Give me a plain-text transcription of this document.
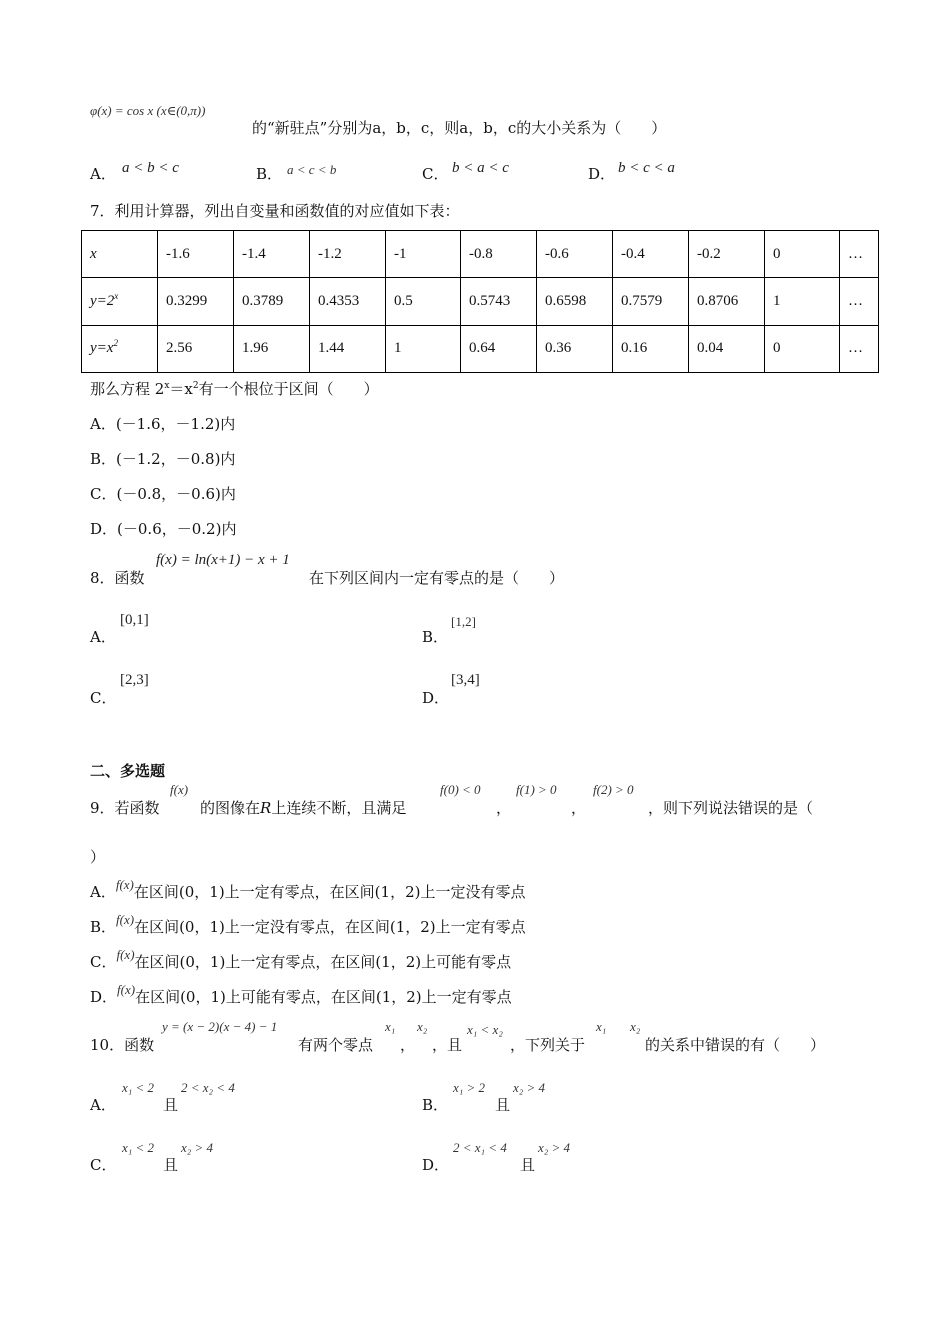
φ(x) = cos x (x∈(0,π))
的“新驻点”分别为a，b，c，则a，b，c的大小关系为（　　）
A． a < b < c	B． a < c < b	C． b < a < c	D． b < c < a
7．利用计算器，列出自变量和函数值的对应值如下表：
x	-1.6	-1.4	-1.2	-1	-0.8	-0.6	-0.4	-0.2	0	…
$y=2^x$	0.3299	0.3789	0.4353	0.5	0.5743	0.6598	0.7579	0.8706	1	…
$y=x^2$	2.56	1.96	1.44	1	0.64	0.36	0.16	0.04	0	…
那么方程 $2^x=x^2$有一个根位于区间（　　）
A．(－1.6，－1.2)内
B．(－1.2，－0.8)内
C．(－0.8，－0.6)内
D．(－0.6，－0.2)内
8．函数
f(x) = ln(x+1) − x + 1
在下列区间内一定有零点的是（　　）
A．
[0,1]
B．
[1,2]
C．
[2,3]
D．
[3,4]
二、多选题
9．若函数
f(x)
的图像在R上连续不断，且满足
f(0) < 0
，
f(1) > 0
，
f(2) > 0
，则下列说法错误的是（
）
A．f(x)在区间(0，1)上一定有零点，在区间(1，2)上一定没有零点
B．f(x)在区间(0，1)上一定没有零点，在区间(1，2)上一定有零点
C．f(x)在区间(0，1)上一定有零点，在区间(1，2)上可能有零点
D．f(x)在区间(0，1)上可能有零点，在区间(1，2)上一定有零点
10．函数
y = (x − 2)(x − 4) − 1
有两个零点
x₁
，
x₂
，且
x₁ < x₂
，下列关于
x₁ x₂
的关系中错误的有（　　）
A．
x₁ < 2
且
2 < x₂ < 4
B．
x₁ > 2
且
x₂ > 4
C．
x₁ < 2
且
x₂ > 4
D．
2 < x₁ < 4
且
x₂ > 4
